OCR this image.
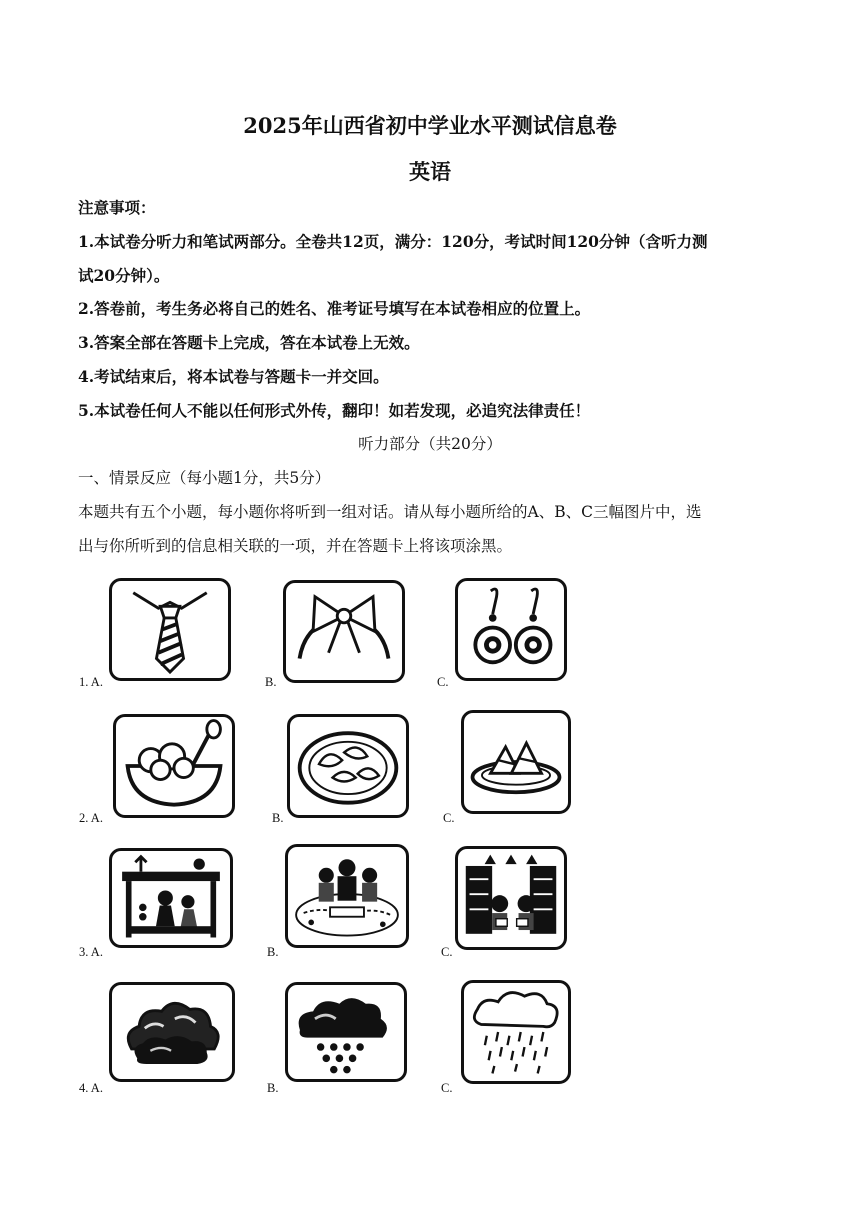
2025年山西省初中学业水平测试信息卷
英语
注意事项：
1.本试卷分听力和笔试两部分。全卷共12页，满分：120分，考试时间120分钟（含听力测
试20分钟）。
2.答卷前，考生务必将自己的姓名、准考证号填写在本试卷相应的位置上。
3.答案全部在答题卡上完成，答在本试卷上无效。
4.考试结束后，将本试卷与答题卡一并交回。
5.本试卷任何人不能以任何形式外传，翻印！如若发现，必追究法律责任！
听力部分（共20分）
一、情景反应（每小题1分，共5分）
本题共有五个小题，每小题你将听到一组对话。请从每小题所给的A、B、C三幅图片中，选
出与你所听到的信息相关联的一项，并在答题卡上将该项涂黑。
1. A.	B.	C.
2. A.	B.	C.
3. A.	B.	C.
4. A.	B.	C.
